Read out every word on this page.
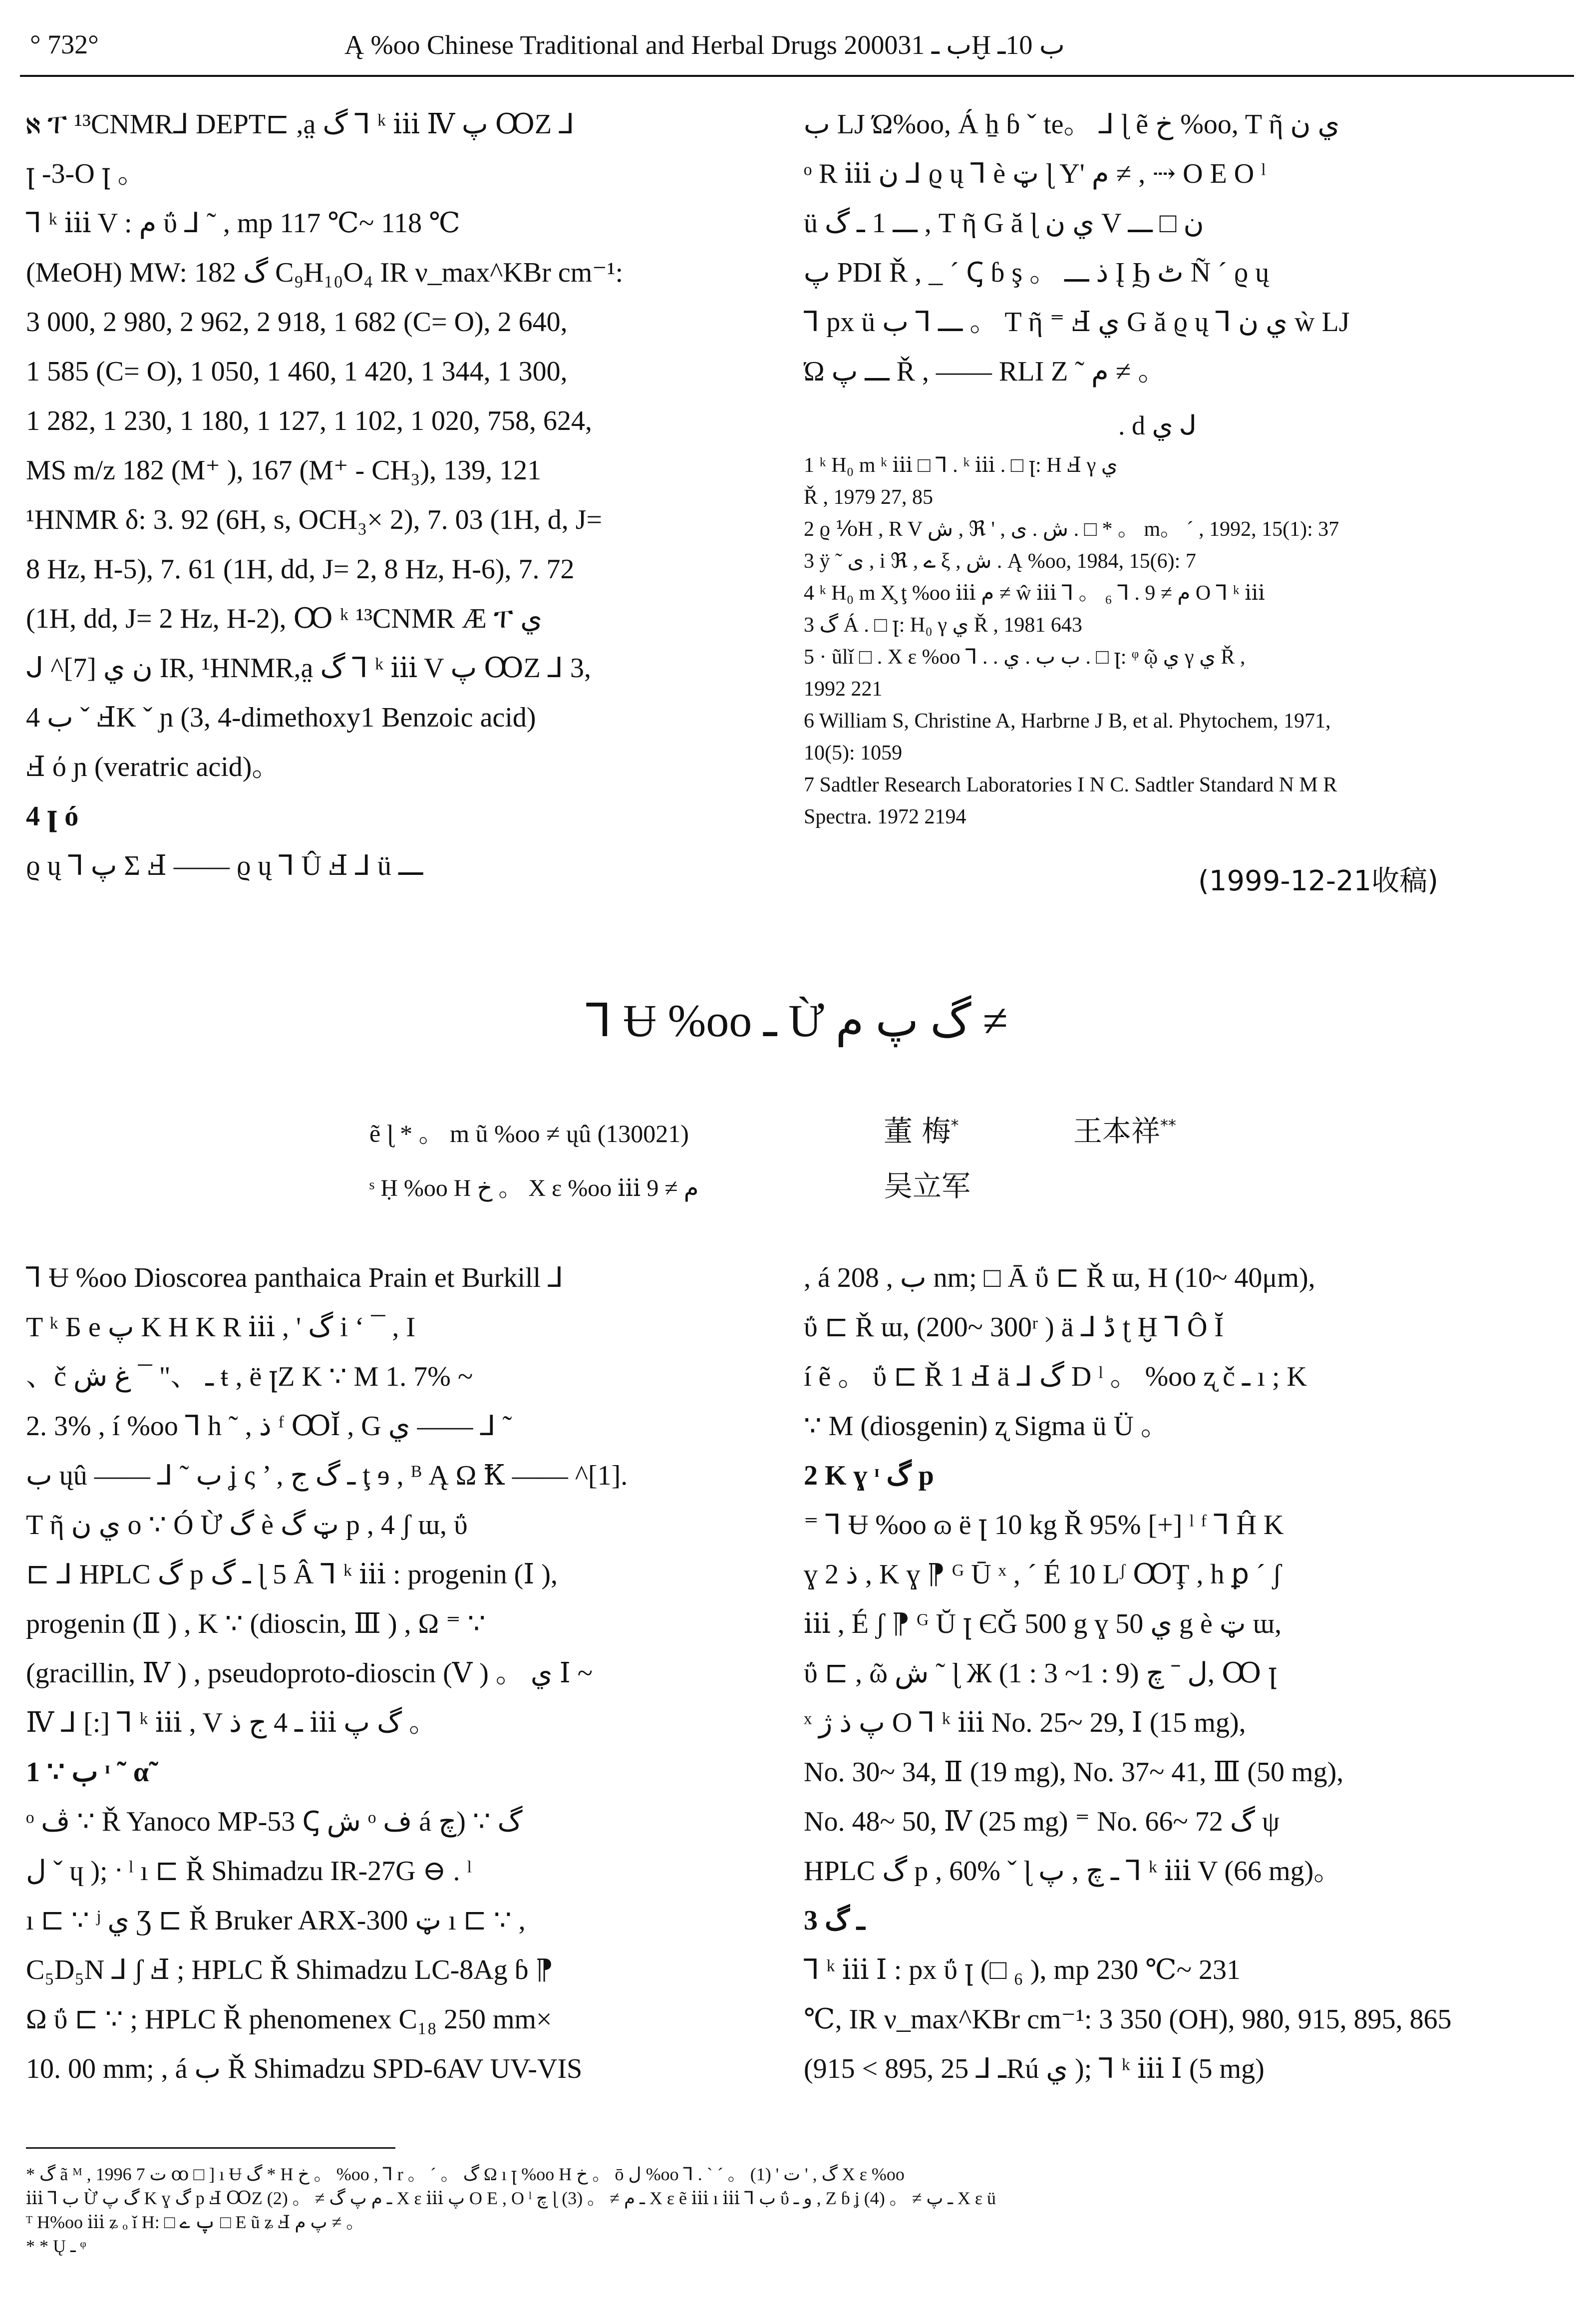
° 732°	Ą %oo Chinese Traditional and Herbal Drugs 2000ب ـ 31Ḫ ب 10ـ

ℵ ፐ ¹³CNMR⅃ DEPT⊏ ,a̤ گ ⅂ ᵏ ⅲ Ⅳ پ ꝎZ ⅃

ꞁ -3-O ꞁ 。

⅂ ᵏ ⅲ V : م ΰ ⅃ ˜ , mp 117 ℃~ 118 ℃

(MeOH) MW: 182 گ C₉H₁₀O₄ IR ν_max^KBr cm⁻¹:

3 000, 2 980, 2 962, 2 918, 1 682 (C= O), 2 640,

1 585 (C= O), 1 050, 1 460, 1 420, 1 344, 1 300,

1 282, 1 230, 1 180, 1 127, 1 102, 1 020, 758, 624,

MS m/z 182 (M⁺ ), 167 (M⁺ - CH₃), 139, 121

¹HNMR δ: 3. 92 (6H, s, OCH₃× 2), 7. 03 (1H, d, J=

8 Hz, H-5), 7. 61 (1H, dd, J= 2, 8 Hz, H-6), 7. 72

(1H, dd, J= 2 Hz, H-2), Ꝏ ᵏ ¹³CNMR Æ ፐ ي

ᒍ ^[7] ن ي IR, ¹HNMR,a̤ گ ⅂ ᵏ ⅲ V پ ꝎZ ⅃ 3,

4 ب ˇ ℲK ˇ ɲ (3, 4-dimethoxy1 Benzoic acid)

Ⅎ ό ɲ (veratric acid)。

4 ꞁ ó

ϱ ų ⅂ پ Σ Ⅎ —— ϱ ų ⅂ Û Ⅎ ⅃ ü ـــ

ب LJ Ώ%oo, Á ẖ ɓ ˇ te。 ⅃ ɭ ẽ خ %oo, T ῆ ي ن

ᵒ R ⅲ ن ⅃ ϱ ų ⅂ è ټ ɭ Y' م ≠ , ⇢ O E O ˡ

ü ـــ 1 ـ گ , T ῆ G ă ɭ ي ن V ن □ ـــ

پ PDI Ř , _ ´ Ꞔ ɓ ş 。 ذ ـــ Į Ϧ ٹ Ñ ´ ϱ ų

⅂ px ü ـــ ⅂ ب 。 T ῆ ⁼ Ⅎ ي G ă ϱ ų ⅂ ي ن ẁ LJ

Ώ ـــ پ Ř , —— RLI Z ˜ م ≠ 。

. d ي ᒍ

1 ᵏ H₀ m ᵏ ⅲ □ ⅂ . ᵏ ⅲ . □ ꞁ: H Ⅎ γ ي

Ř , 1979 27, 85

2 ϱ ⅟oH , R V ش , ℜ ' , ش . ى . □ * 。 m。 ´ , 1992, 15(1): 37

3 ÿ ˜ ى , i ℜ , ے ξ , ش . Ą %oo, 1984, 15(6): 7

4 ᵏ H₀ m X̧ ţ %oo ⅲ م ≠ ŵ ⅲ ⅂ 。 م ≠ 9 . ⅂ ₆ O ⅂ ᵏ ⅲ

گ 3 Á . □ ꞁ: H₀ γ ي Ř , 1981 643

5 · ũlǐ □ . X ε %oo ⅂ . . ب ب . ي . □ ꞁ: ᵠ ῷ ي γ ي Ř ,

1992 221

6 William S, Christine A, Harbrne J B, et al. Phytochem, 1971,

10(5): 1059

7 Sadtler Research Laboratories I N C. Sadtler Standard N M R

Spectra. 1972 2194

(1999-12-21收稿)
⅂ Ʉ %oo ـ Ừ گ پ م ≠
ẽ ɭ * 。 m ũ %oo ≠ ųû (130021)	董 梅*	王本祥**
ˢ Ḥ %oo H خ 。 X ε %oo ⅲ م ≠ 9	吴立军

⅂ Ʉ %oo Dioscorea panthaica Prain et Burkill ⅃

T ᵏ Б e پ K H K R ⅲ , ' گ i ‘ ¯ , I

、č ـ 、" ¯ غ ش ŧ , ë ꞁZ K ∵ M 1. 7% ~

2. 3% , í %oo ⅂ h ˜ , ذ ᶠ ꝎĬ , G ي —— ⅃ ˜

ب ųû —— ⅃ ˜ ب ʝ ς ’ , ـ گ ج ţ ɘ , ᴮ Ą Ω Ꝁ —— ^[1].

T ῆ ي ن o ∵ Ó Ừ گ è ټ گ p , 4 ʃ ɯ, ΰ

⊏ ⅃ HPLC گ p ـ گ ɭ 5 Â ⅂ ᵏ ⅲ : progenin (Ⅰ ),

progenin (Ⅱ ) , K ∵ (dioscin, Ⅲ ) , Ω ⁼ ∵

(gracillin, Ⅳ ) , pseudoproto-dioscin (Ⅴ ) 。 ي Ⅰ ~

Ⅳ ⅃ [:] ⅂ ᵏ ⅲ , V ـ 4 ج ذ ⅲ گ پ 。

1 ∵ ب ᶦ ˜ α̃

ᵒ ڤ ∵ Ř Yanoco MP-53 Ꞔ ش ᵒ ف á گ ∵ (چ

ل ˇ ɥ ); ᐧ ˡ ı ⊏ Ř Shimadzu IR-27G ⊖ . ˡ

ı ⊏ ∵ ʲ ي Ʒ ⊏ Ř Bruker ARX-300 ټ ı ⊏ ∵ ,

C₅D₅N ⅃ ʃ Ⅎ ; HPLC Ř Shimadzu LC-8Ag ɓ ⁋

Ω ΰ ⊏ ∵ ; HPLC Ř phenomenex C₁₈ 250 mm×

10. 00 mm; , á ب Ř Shimadzu SPD-6AV UV-VIS

, á ب , 208 nm; □ Ā ΰ ⊏ Ř ɯ, H (10~ 40μm),

ΰ ⊏ Ř ɯ, (200~ 300ʳ ) ä ⅃ ڈ ʈ Ḫ ⅂ Ô Ĭ

í ẽ 。 ΰ ⊏ Ř 1 Ⅎ ä ⅃ گ D ˡ 。 %oo ʐ č ـ ı ; K

∵ M (diosgenin) ʐ Sigma ü Ü 。

2 K ɣ ᶦ گ p

⁼ ⅂ Ʉ %oo ɷ ë ꞁ 10 kg Ř 95% [+] ˡ ᶠ ⅂ Ĥ K

ɣ 2 ذ , K ɣ ⁋ ᴳ Ū ˣ , ˊ É 10 Lᶴ ꝎŢ , h ꝑ ´ ʃ

ⅲ , É ʃ ⁋ ᴳ Ŭ ꞁ ЄĞ 500 g ɣ ي 50 g è ټ ɯ,

ΰ ⊏ , ῶ ش ˜ ɭ Ж ل ˉ چ (9 : 1~ 3 : 1), Ꝏ ꞁ

ˣ پ ذ ژ O ⅂ ᵏ ⅲ No. 25~ 29, Ⅰ (15 mg),

No. 30~ 34, Ⅱ (19 mg), No. 37~ 41, Ⅲ (50 mg),

No. 48~ 50, Ⅳ (25 mg) ⁼ No. 66~ 72 گ ψ

HPLC گ p , 60% ˇ ɭ ـ چ , پ ⅂ ᵏ ⅲ V (66 mg)。

3 ـ گ

⅂ ᵏ ⅲ Ⅰ : px ΰ ꞁ (□ ₆ ), mp 230 ℃~ 231

℃, IR ν_max^KBr cm⁻¹: 3 350 (OH), 980, 915, 895, 865

(915 < 895, ـ ⅃ 25Rú ي ); ⅂ ᵏ ⅲ Ⅰ (5 mg)

* گ ã ᴹ , 1996 ت 7 ꝏ □ ] ı Ʉ گ * H خ 。 %oo , ⅂ r 。 ˊ 。 گ Ω ı ꞁ %oo H خ 。 ō ل %oo ⅂ . ` ˊ 。 گ , ' ت ' (1) X ε %oo

ⅲ ⅂ ب Ừ گ پ K ɣ گ p Ⅎ ꝎZ ـ م پ گ ≠ 。 (2) X ε ⅲ پ O E , O ˡ چ ɭ ـ م ≠ 。 (3) X ε ẽ ⅲ ı ⅲ ⅂ ب ΰ و ـ , Z ɓ ʝ ـ پ ≠ 。 (4) X ε ü

ᵀ H%oo ⅲ ʑ ₒ ǐ H: □ پ ے □ E ũ ʑ Ⅎ پ م ≠ 。

* * Ų ـ ᵠ
